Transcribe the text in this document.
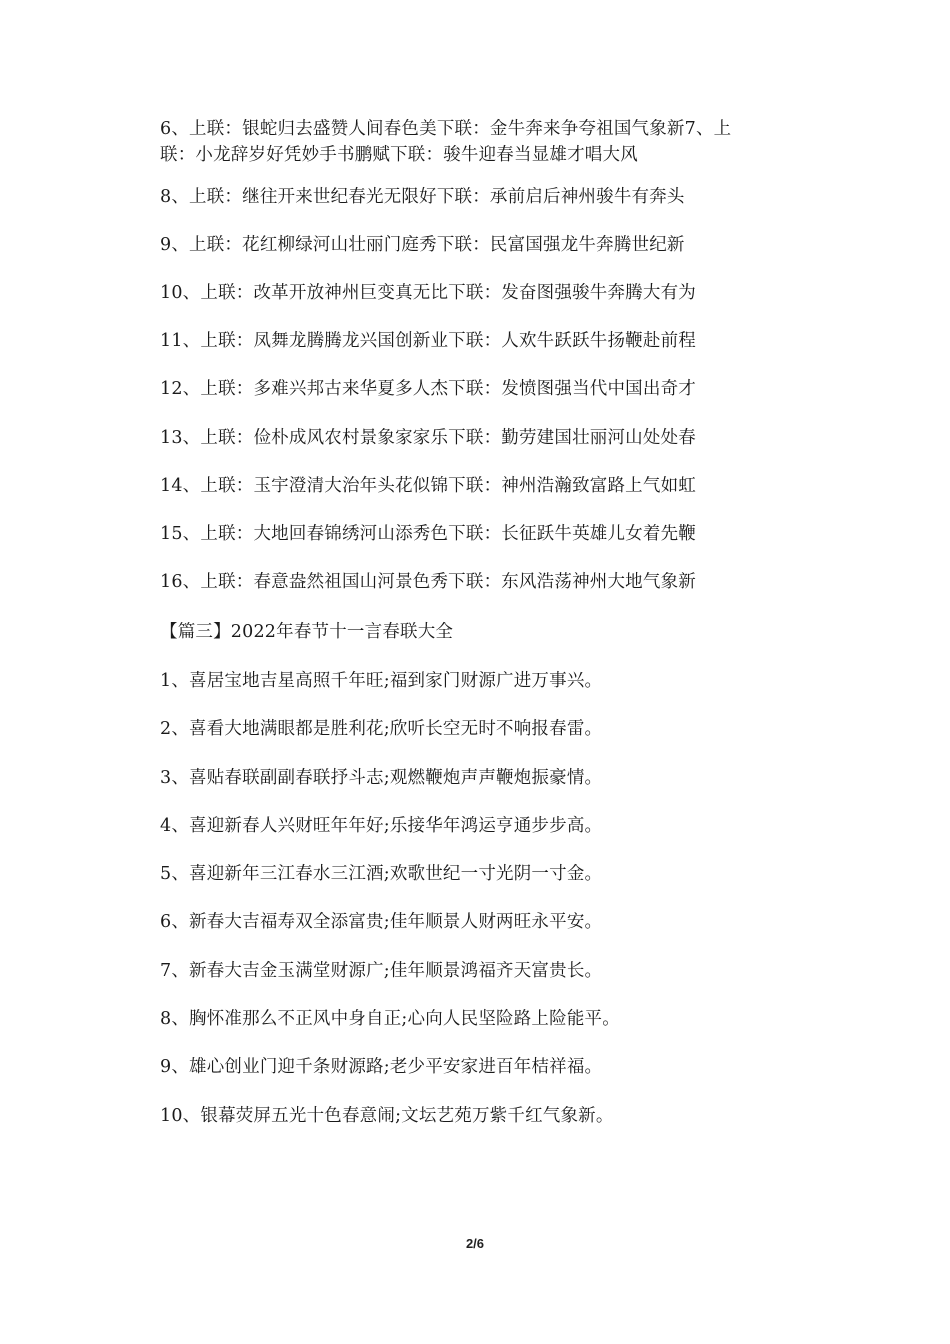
6、上联：银蛇归去盛赞人间春色美下联：金牛奔来争夸祖国气象新7、上联：小龙辞岁好凭妙手书鹏赋下联：骏牛迎春当显雄才唱大风
8、上联：继往开来世纪春光无限好下联：承前启后神州骏牛有奔头
9、上联：花红柳绿河山壮丽门庭秀下联：民富国强龙牛奔腾世纪新
10、上联：改革开放神州巨变真无比下联：发奋图强骏牛奔腾大有为
11、上联：凤舞龙腾腾龙兴国创新业下联：人欢牛跃跃牛扬鞭赴前程
12、上联：多难兴邦古来华夏多人杰下联：发愤图强当代中国出奇才
13、上联：俭朴成风农村景象家家乐下联：勤劳建国壮丽河山处处春
14、上联：玉宇澄清大治年头花似锦下联：神州浩瀚致富路上气如虹
15、上联：大地回春锦绣河山添秀色下联：长征跃牛英雄儿女着先鞭
16、上联：春意盎然祖国山河景色秀下联：东风浩荡神州大地气象新
【篇三】2022年春节十一言春联大全
1、喜居宝地吉星高照千年旺;福到家门财源广进万事兴。
2、喜看大地满眼都是胜利花;欣听长空无时不响报春雷。
3、喜贴春联副副春联抒斗志;观燃鞭炮声声鞭炮振豪情。
4、喜迎新春人兴财旺年年好;乐接华年鸿运亨通步步高。
5、喜迎新年三江春水三江酒;欢歌世纪一寸光阴一寸金。
6、新春大吉福寿双全添富贵;佳年顺景人财两旺永平安。
7、新春大吉金玉满堂财源广;佳年顺景鸿福齐天富贵长。
8、胸怀准那么不正风中身自正;心向人民坚险路上险能平。
9、雄心创业门迎千条财源路;老少平安家进百年桔祥福。
10、银幕荧屏五光十色春意闹;文坛艺苑万紫千红气象新。
2/6
